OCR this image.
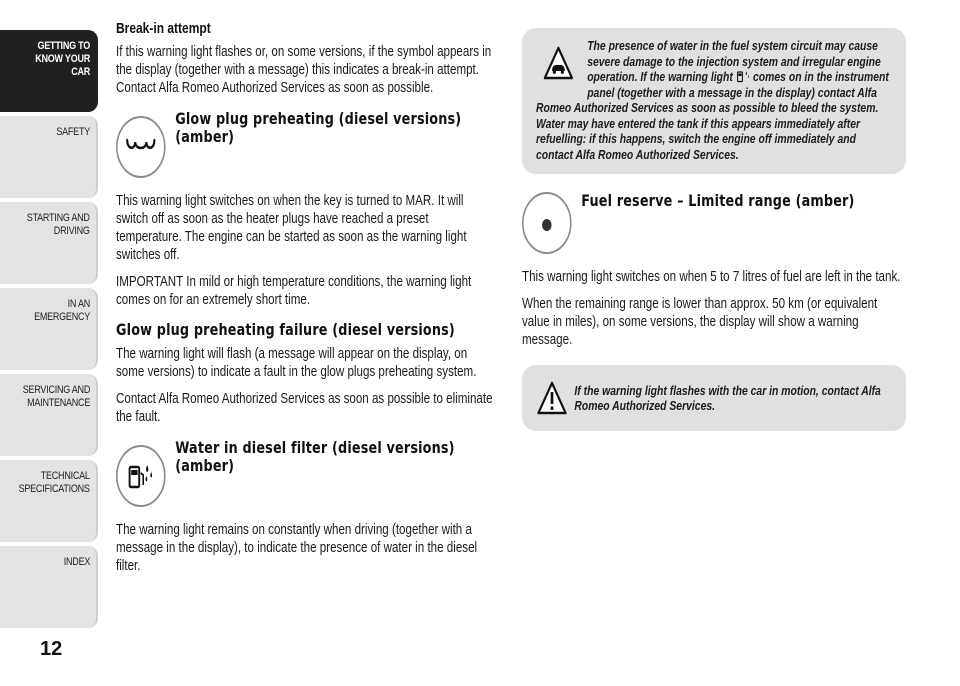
GETTING TO
KNOW YOUR CAR
SAFETY
STARTING AND
DRIVING
IN AN EMERGENCY
SERVICING AND
MAINTENANCE
TECHNICAL
SPECIFICATIONS
INDEX
12
Break-in attempt

If this warning light flashes or, on some versions, if the symbol appears in the display (together with a message) this indicates a break-in attempt. Contact Alfa Romeo Authorized Services as soon as possible.

Glow plug preheating (diesel versions) (amber)

This warning light switches on when the key is turned to MAR. It will switch off as soon as the heater plugs have reached a preset temperature. The engine can be started as soon as the warning light switches off.

IMPORTANT In mild or high temperature conditions, the warning light comes on for an extremely short time.

Glow plug preheating failure (diesel versions)

The warning light will flash (a message will appear on the display, on some versions) to indicate a fault in the glow plugs preheating system.

Contact Alfa Romeo Authorized Services as soon as possible to eliminate the fault.

Water in diesel filter (diesel versions) (amber)

The warning light remains on constantly when driving (together with a message in the display), to indicate the presence of water in the diesel filter.

The presence of water in the fuel system circuit may cause severe damage to the injection system and irregular engine operation. If the warning light comes on in the instrument panel (together with a message in the display) contact Alfa Romeo Authorized Services as soon as possible to bleed the system. Water may have entered the tank if this appears immediately after refuelling: if this happens, switch the engine off immediately and contact Alfa Romeo Authorized Services.
Fuel reserve – Limited range (amber)

This warning light switches on when 5 to 7 litres of fuel are left in the tank.

When the remaining range is lower than approx. 50 km (or equivalent value in miles), on some versions, the display will show a warning message.

If the warning light flashes with the car in motion, contact Alfa Romeo Authorized Services.
